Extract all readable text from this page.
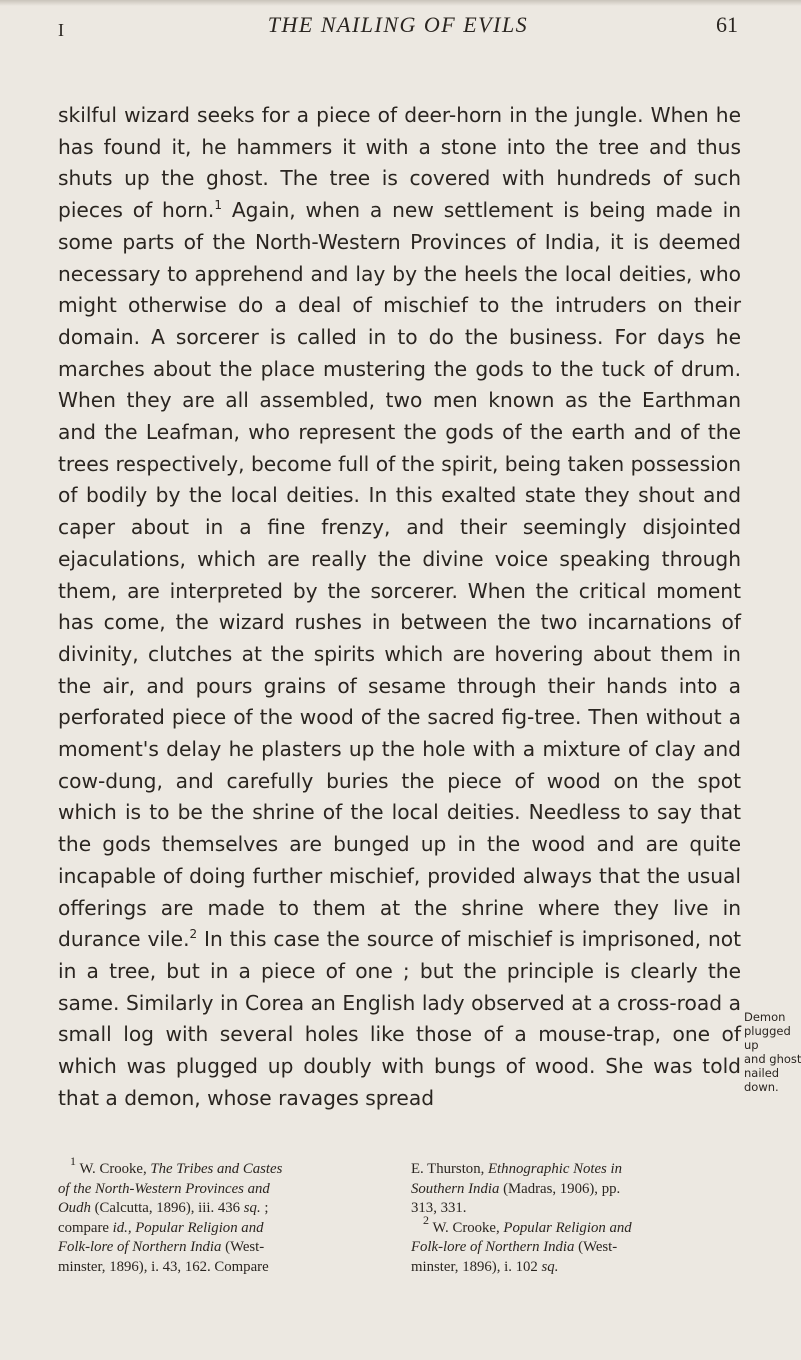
I	THE NAILING OF EVILS	61

skilful wizard seeks for a piece of deer-horn in the jungle. When he has found it, he hammers it with a stone into the tree and thus shuts up the ghost. The tree is covered with hundreds of such pieces of horn.$^1$ Again, when a new settlement is being made in some parts of the North-Western Provinces of India, it is deemed necessary to apprehend and lay by the heels the local deities, who might otherwise do a deal of mischief to the intruders on their domain. A sorcerer is called in to do the business. For days he marches about the place mustering the gods to the tuck of drum. When they are all assembled, two men known as the Earthman and the Leafman, who represent the gods of the earth and of the trees respectively, become full of the spirit, being taken possession of bodily by the local deities. In this exalted state they shout and caper about in a fine frenzy, and their seemingly disjointed ejaculations, which are really the divine voice speaking through them, are interpreted by the sorcerer. When the critical moment has come, the wizard rushes in between the two incarnations of divinity, clutches at the spirits which are hovering about them in the air, and pours grains of sesame through their hands into a perforated piece of the wood of the sacred fig-tree. Then without a moment's delay he plasters up the hole with a mixture of clay and cow-dung, and carefully buries the piece of wood on the spot which is to be the shrine of the local deities. Needless to say that the gods themselves are bunged up in the wood and are quite incapable of doing further mischief, provided always that the usual offerings are made to them at the shrine where they live in durance vile.$^2$ In this case the source of mischief is imprisoned, not in a tree, but in a piece of one ; but the principle is clearly the same. Similarly in Corea an English lady observed at a cross-road a small log with several holes like those of a mouse-trap, one of which was plugged up doubly with bungs of wood. She was told that a demon, whose ravages spread

Demon
plugged up
and ghost
nailed
down.
$^1$ W. Crooke, The Tribes and Castes
of the North-Western Provinces and
Oudh (Calcutta, 1896), iii. 436 sq. ;
compare id., Popular Religion and
Folk-lore of Northern India (West-
minster, 1896), i. 43, 162. Compare
E. Thurston, Ethnographic Notes in
Southern India (Madras, 1906), pp.
313, 331.
$^2$ W. Crooke, Popular Religion and
Folk-lore of Northern India (West-
minster, 1896), i. 102 sq.
